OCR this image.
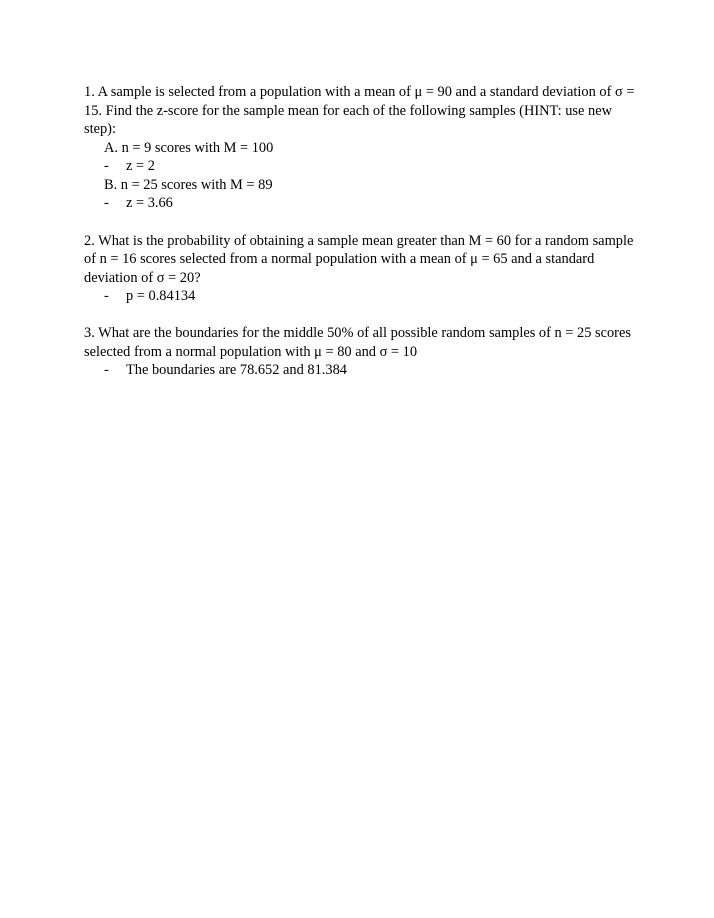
1. A sample is selected from a population with a mean of μ = 90 and a standard deviation of σ =
15. Find the z-score for the sample mean for each of the following samples (HINT: use new
step):
A. n = 9 scores with M = 100
- z = 2
B. n = 25 scores with M = 89
- z = 3.66
2. What is the probability of obtaining a sample mean greater than M = 60 for a random sample
of n = 16 scores selected from a normal population with a mean of μ = 65 and a standard
deviation of σ = 20?
- p = 0.84134
3. What are the boundaries for the middle 50% of all possible random samples of n = 25 scores
selected from a normal population with μ = 80 and σ = 10
- The boundaries are 78.652 and 81.384
